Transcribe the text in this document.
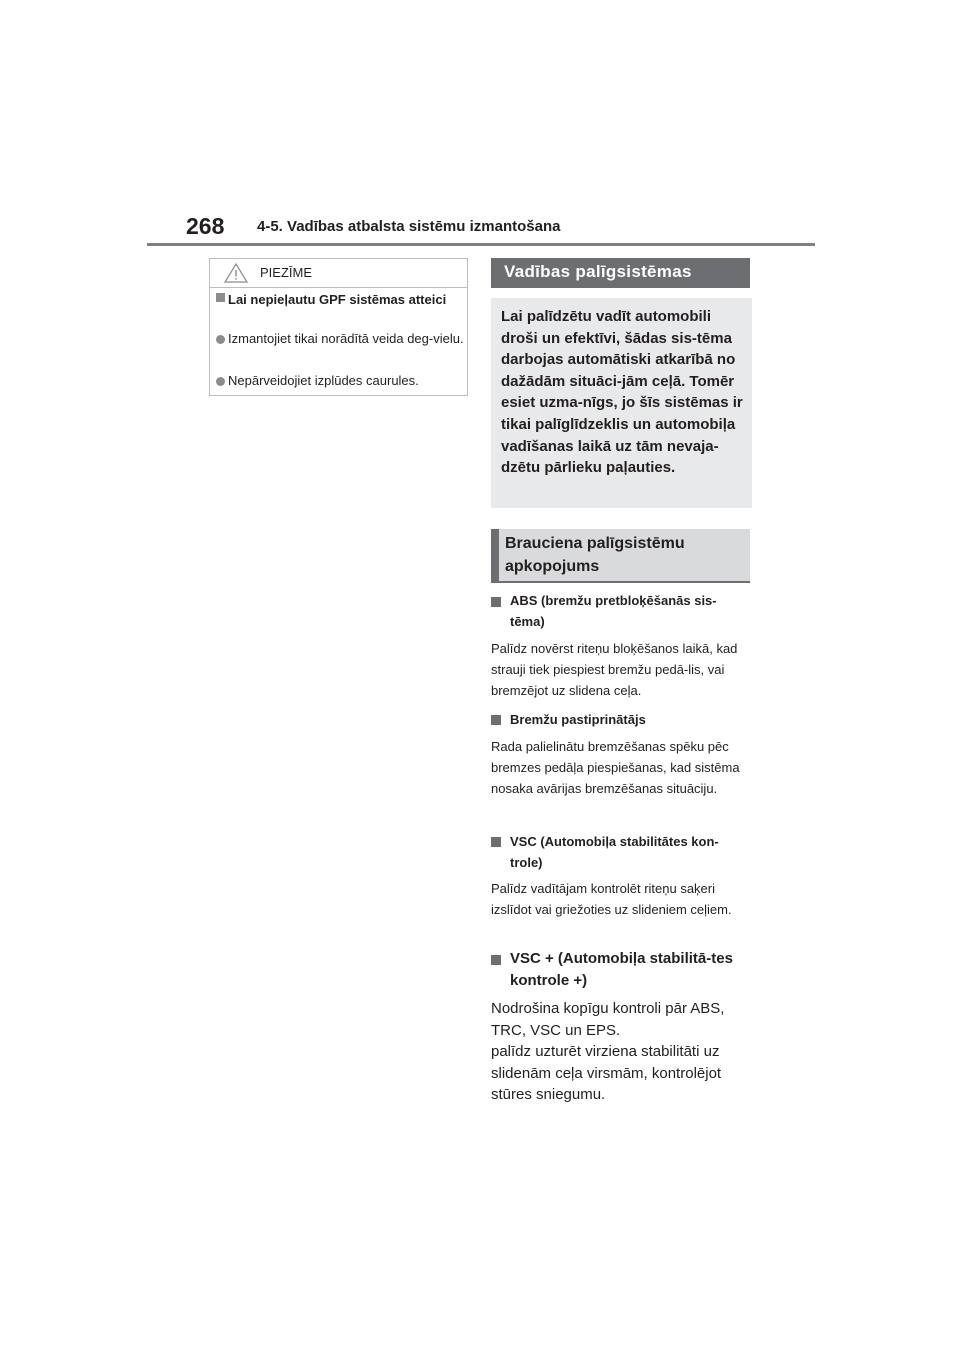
268 4-5. Vadības atbalsta sistēmu izmantošana
PIEZĪME
Lai nepieļautu GPF sistēmas atteici
Izmantojiet tikai norādītā veida deg-vielu.
Nepārveidojiet izplūdes caurules.
Vadības palīgsistēmas

Lai palīdzētu vadīt automobili droši un efektīvi, šādas sis-tēma darbojas automātiski atkarībā no dažādām situāci-jām ceļā. Tomēr esiet uzma-nīgs, jo šīs sistēmas ir tikai palīglīdzeklis un automobiļa vadīšanas laikā uz tām nevaja-dzētu pārlieku paļauties.

Brauciena palīgsistēmu apkopojums
ABS (bremžu pretbloķēšanās sis-tēma)
Palīdz novērst riteņu bloķēšanos laikā, kad strauji tiek piespiest bremžu pedā-lis, vai bremzējot uz slidena ceļa.
Bremžu pastiprinātājs
Rada palielinātu bremzēšanas spēku pēc bremzes pedāļa piespiešanas, kad sistēma nosaka avārijas bremzēšanas situāciju.
VSC (Automobiļa stabilitātes kon-trole)
Palīdz vadītājam kontrolēt riteņu saķeri izslīdot vai griežoties uz slideniem ceļiem.
VSC + (Automobiļa stabilitā-tes kontrole +)
Nodrošina kopīgu kontroli pār ABS, TRC, VSC un EPS.
palīdz uzturēt virziena stabilitāti uz slidenām ceļa virsmām, kontrolējot stūres sniegumu.
